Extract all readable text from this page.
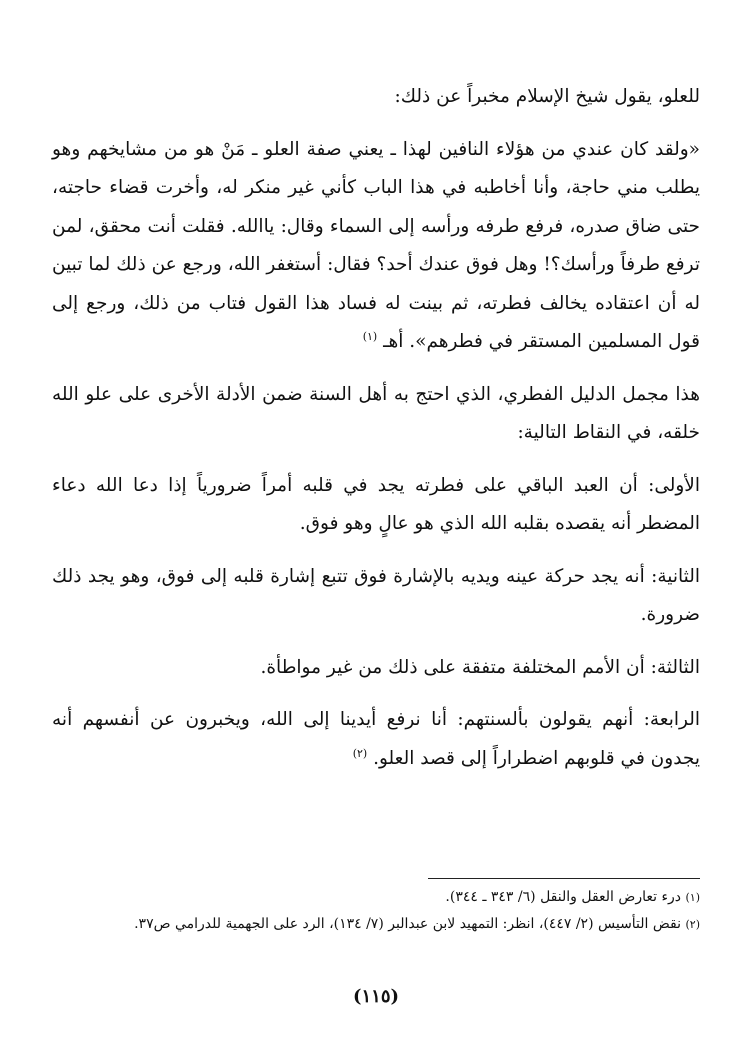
للعلو، يقول شيخ الإسلام مخبراً عن ذلك:

«ولقد كان عندي من هؤلاء النافين لهذا ـ يعني صفة العلو ـ مَنْ هو من مشايخهم وهو يطلب مني حاجة، وأنا أخاطبه في هذا الباب كأني غير منكر له، وأخرت قضاء حاجته، حتى ضاق صدره، فرفع طرفه ورأسه إلى السماء وقال: ياالله. فقلت أنت محقق، لمن ترفع طرفاً ورأسك؟! وهل فوق عندك أحد؟ فقال: أستغفر الله، ورجع عن ذلك لما تبين له أن اعتقاده يخالف فطرته، ثم بينت له فساد هذا القول فتاب من ذلك، ورجع إلى قول المسلمين المستقر في فطرهم». أهـ $^{(١)}$

هذا مجمل الدليل الفطري، الذي احتج به أهل السنة ضمن الأدلة الأخرى على علو الله خلقه، في النقاط التالية:

الأولى: أن العبد الباقي على فطرته يجد في قلبه أمراً ضرورياً إذا دعا الله دعاء المضطر أنه يقصده بقلبه الله الذي هو عالٍ وهو فوق.

الثانية: أنه يجد حركة عينه ويديه بالإشارة فوق تتبع إشارة قلبه إلى فوق، وهو يجد ذلك ضرورة.

الثالثة: أن الأمم المختلفة متفقة على ذلك من غير مواطأة.

الرابعة: أنهم يقولون بألسنتهم: أنا نرفع أيدينا إلى الله، ويخبرون عن أنفسهم أنه يجدون في قلوبهم اضطراراً إلى قصد العلو. $^{(٢)}$

(١) درء تعارض العقل والنقل (٦/ ٣٤٣ ـ ٣٤٤).

(٢) نقض التأسيس (٢/ ٤٤٧)، انظر: التمهيد لابن عبدالبر (٧/ ١٣٤)، الرد على الجهمية للدرامي ص٣٧.

(١١٥)
